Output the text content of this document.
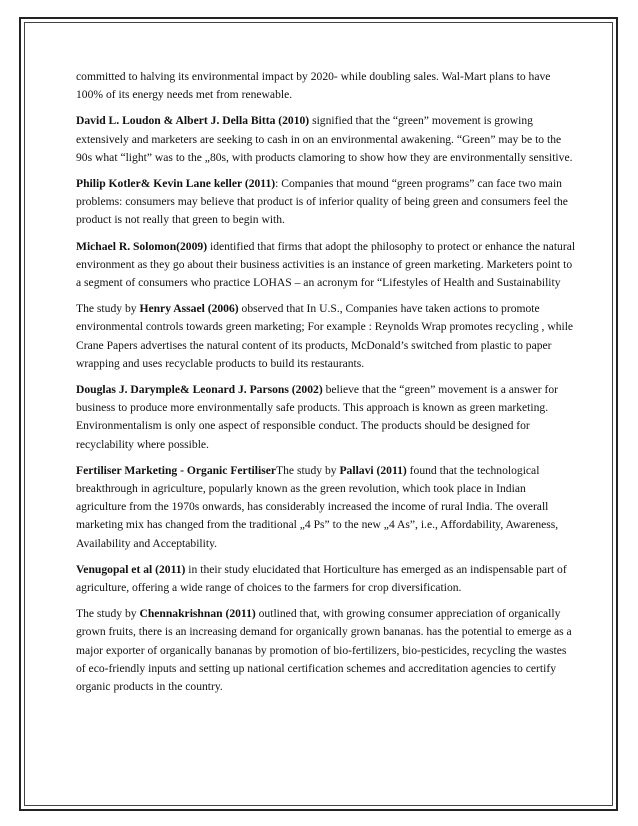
committed to halving its environmental impact by 2020- while doubling sales. Wal-Mart plans to have 100% of its energy needs met from renewable.

David L. Loudon & Albert J. Della Bitta (2010) signified that the “green” movement is growing extensively and marketers are seeking to cash in on an environmental awakening. “Green” may be to the 90s what “light” was to the „80s, with products clamoring to show how they are environmentally sensitive.

Philip Kotler& Kevin Lane keller (2011): Companies that mound “green programs” can face two main problems: consumers may believe that product is of inferior quality of being green and consumers feel the product is not really that green to begin with.

Michael R. Solomon(2009) identified that firms that adopt the philosophy to protect or enhance the natural environment as they go about their business activities is an instance of green marketing. Marketers point to a segment of consumers who practice LOHAS – an acronym for “Lifestyles of Health and Sustainability

The study by Henry Assael (2006) observed that In U.S., Companies have taken actions to promote environmental controls towards green marketing; For example : Reynolds Wrap promotes recycling , while Crane Papers advertises the natural content of its products, McDonald’s switched from plastic to paper wrapping and uses recyclable products to build its restaurants.

Douglas J. Darymple& Leonard J. Parsons (2002) believe that the “green” movement is a answer for business to produce more environmentally safe products. This approach is known as green marketing. Environmentalism is only one aspect of responsible conduct. The products should be designed for recyclability where possible.

Fertiliser Marketing - Organic FertiliserThe study by Pallavi (2011) found that the technological breakthrough in agriculture, popularly known as the green revolution, which took place in Indian agriculture from the 1970s onwards, has considerably increased the income of rural India. The overall marketing mix has changed from the traditional „4 Ps” to the new „4 As”, i.e., Affordability, Awareness, Availability and Acceptability.

Venugopal et al (2011) in their study elucidated that Horticulture has emerged as an indispensable part of agriculture, offering a wide range of choices to the farmers for crop diversification.

The study by Chennakrishnan (2011) outlined that, with growing consumer appreciation of organically grown fruits, there is an increasing demand for organically grown bananas. has the potential to emerge as a major exporter of organically bananas by promotion of bio-fertilizers, bio-pesticides, recycling the wastes of eco-friendly inputs and setting up national certification schemes and accreditation agencies to certify organic products in the country.
